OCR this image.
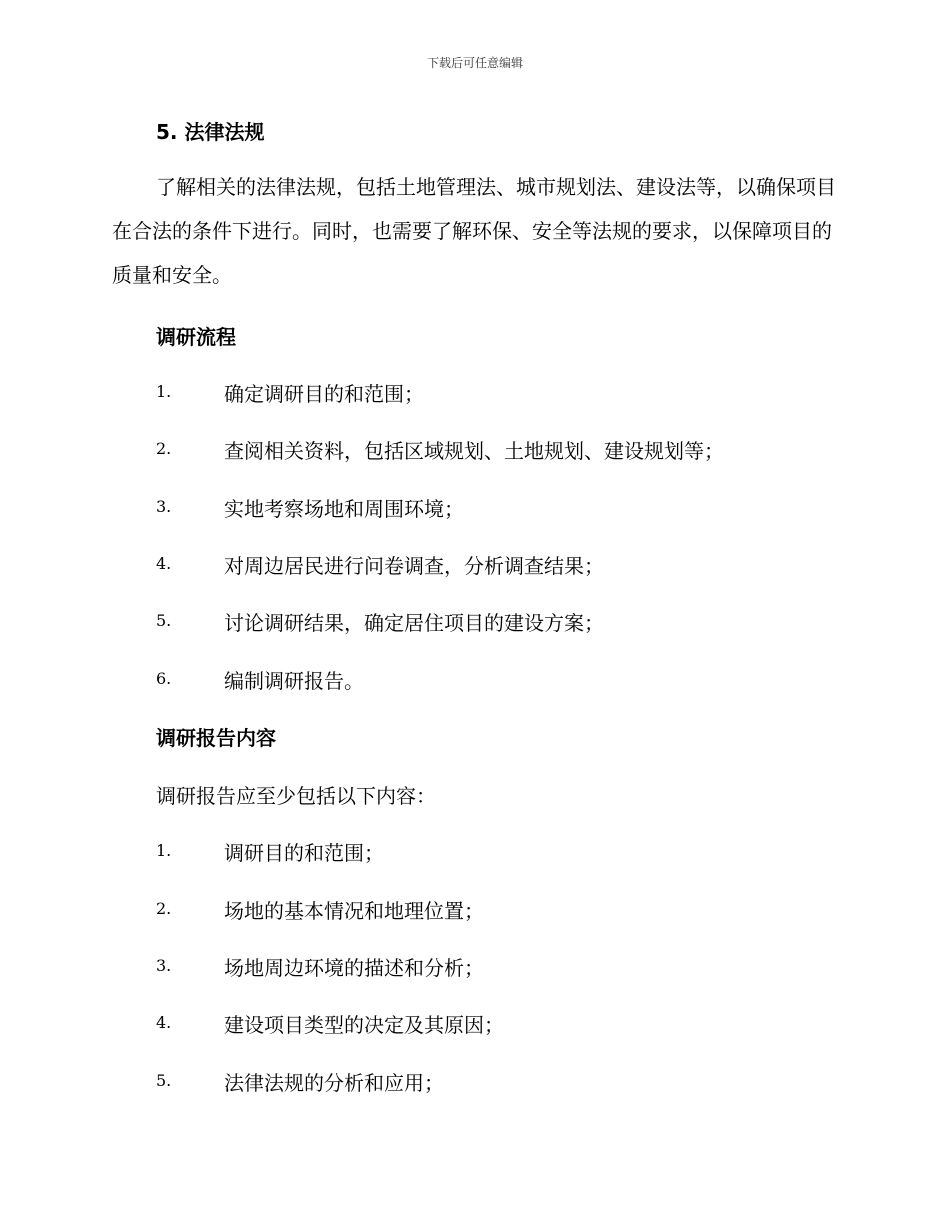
下载后可任意编辑
5. 法律法规
了解相关的法律法规，包括土地管理法、城市规划法、建设法等，以确保项目在合法的条件下进行。同时，也需要了解环保、安全等法规的要求，以保障项目的质量和安全。
调研流程
1.	确定调研目的和范围；
2.	查阅相关资料，包括区域规划、土地规划、建设规划等；
3.	实地考察场地和周围环境；
4.	对周边居民进行问卷调查，分析调查结果；
5.	讨论调研结果，确定居住项目的建设方案；
6.	编制调研报告。
调研报告内容
调研报告应至少包括以下内容：
1.	调研目的和范围；
2.	场地的基本情况和地理位置；
3.	场地周边环境的描述和分析；
4.	建设项目类型的决定及其原因；
5.	法律法规的分析和应用；
